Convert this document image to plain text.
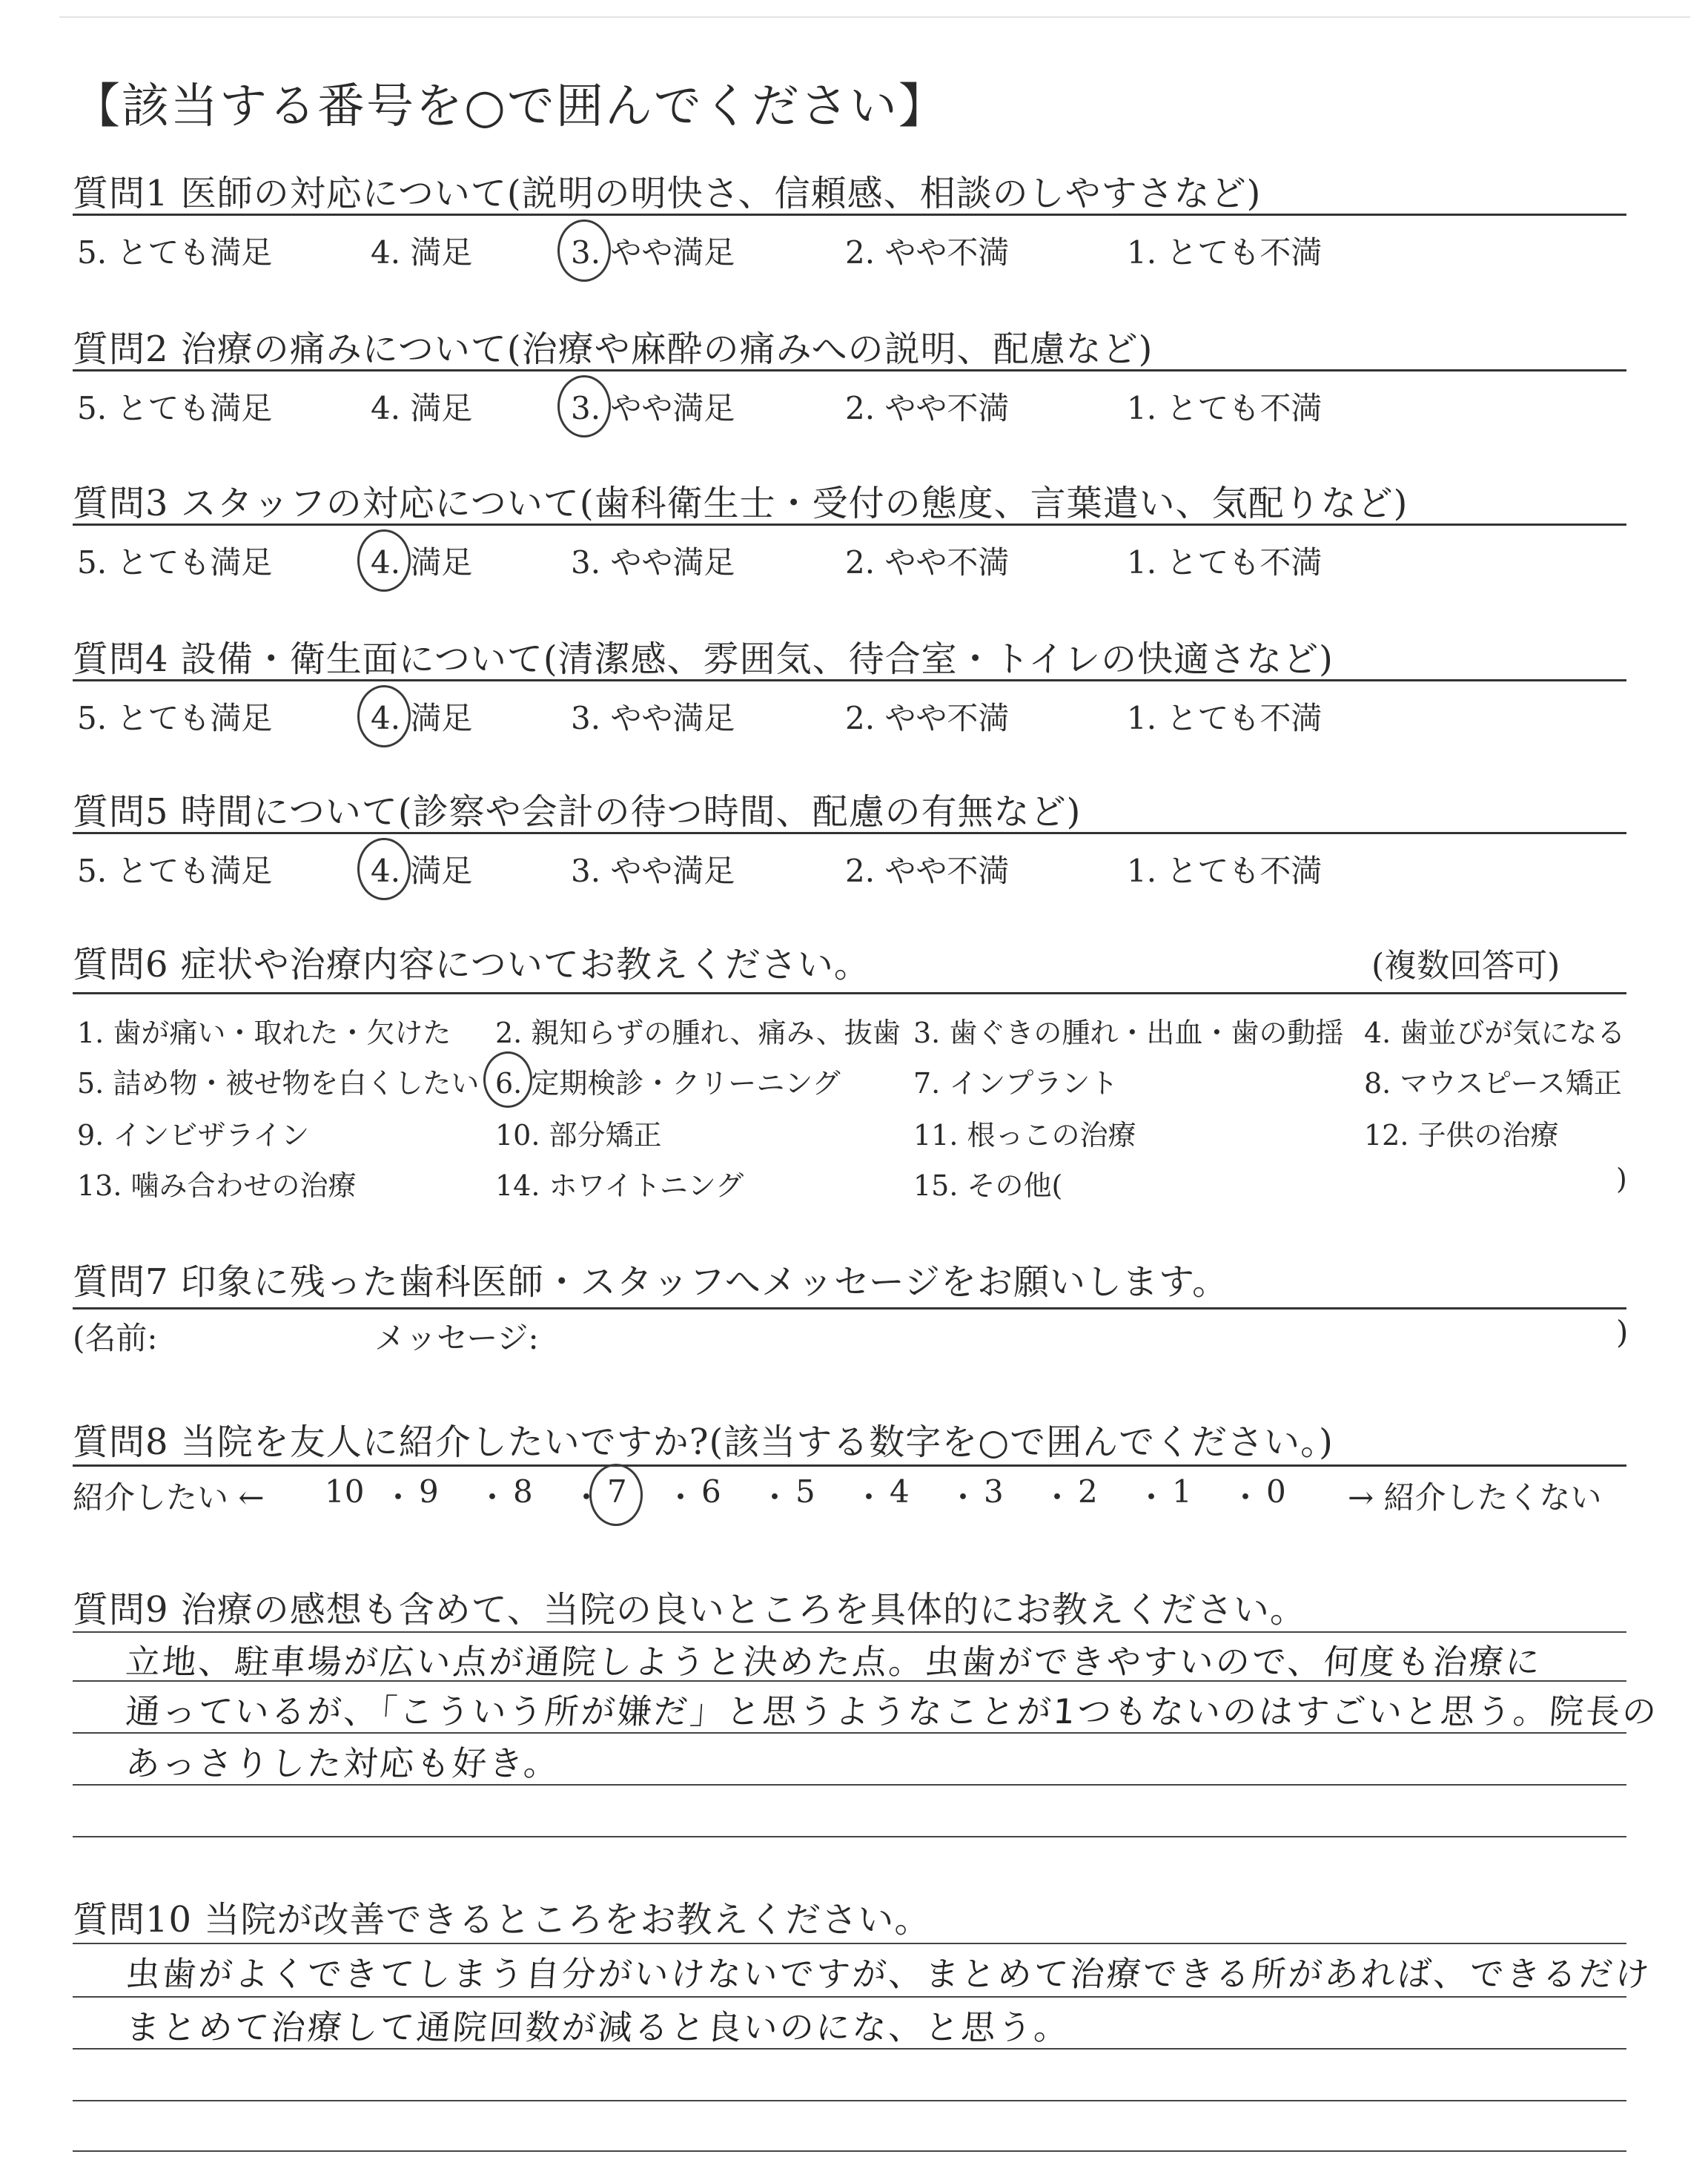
【該当する番号を○で囲んでください】
質問1 医師の対応について(説明の明快さ、信頼感、相談のしやすさなど)
5. とても満足	4. 満足	3. やや満足	2. やや不満	1. とても不満
質問2 治療の痛みについて(治療や麻酔の痛みへの説明、配慮など)
5. とても満足	4. 満足	3. やや満足	2. やや不満	1. とても不満
質問3 スタッフの対応について(歯科衛生士・受付の態度、言葉遣い、気配りなど)
5. とても満足	4. 満足	3. やや満足	2. やや不満	1. とても不満
質問4 設備・衛生面について(清潔感、雰囲気、待合室・トイレの快適さなど)
5. とても満足	4. 満足	3. やや満足	2. やや不満	1. とても不満
質問5 時間について(診察や会計の待つ時間、配慮の有無など)
5. とても満足	4. 満足	3. やや満足	2. やや不満	1. とても不満
質問6 症状や治療内容についてお教えください。	(複数回答可)
1. 歯が痛い・取れた・欠けた 2. 親知らずの腫れ、痛み、抜歯 3. 歯ぐきの腫れ・出血・歯の動揺 4. 歯並びが気になる
5. 詰め物・被せ物を白くしたい 6. 定期検診・クリーニング	7. インプラント	8. マウスピース矯正
9. インビザライン	10. 部分矯正	11. 根っこの治療	12. 子供の治療
13. 噛み合わせの治療	14. ホワイトニング	15. その他(	)
質問7 印象に残った歯科医師・スタッフへメッセージをお願いします。
(名前:	メッセージ:	)
質問8 当院を友人に紹介したいですか?(該当する数字を○で囲んでください。)
紹介したい ←	→ 紹介したくない
10 ・ 9 ・ 8 ・ 7 ・ 6 ・ 5 ・ 4 ・ 3 ・ 2 ・ 1 ・ 0
質問9 治療の感想も含めて、当院の良いところを具体的にお教えください。
立地、駐車場が広い点が通院しようと決めた点。虫歯ができやすいので、何度も治療に
通っているが、「こういう所が嫌だ」と思うようなことが1つもないのはすごいと思う。院長の
あっさりした対応も好き。
質問10 当院が改善できるところをお教えください。
虫歯がよくできてしまう自分がいけないですが、まとめて治療できる所があれば、できるだけ
まとめて治療して通院回数が減ると良いのにな、と思う。
